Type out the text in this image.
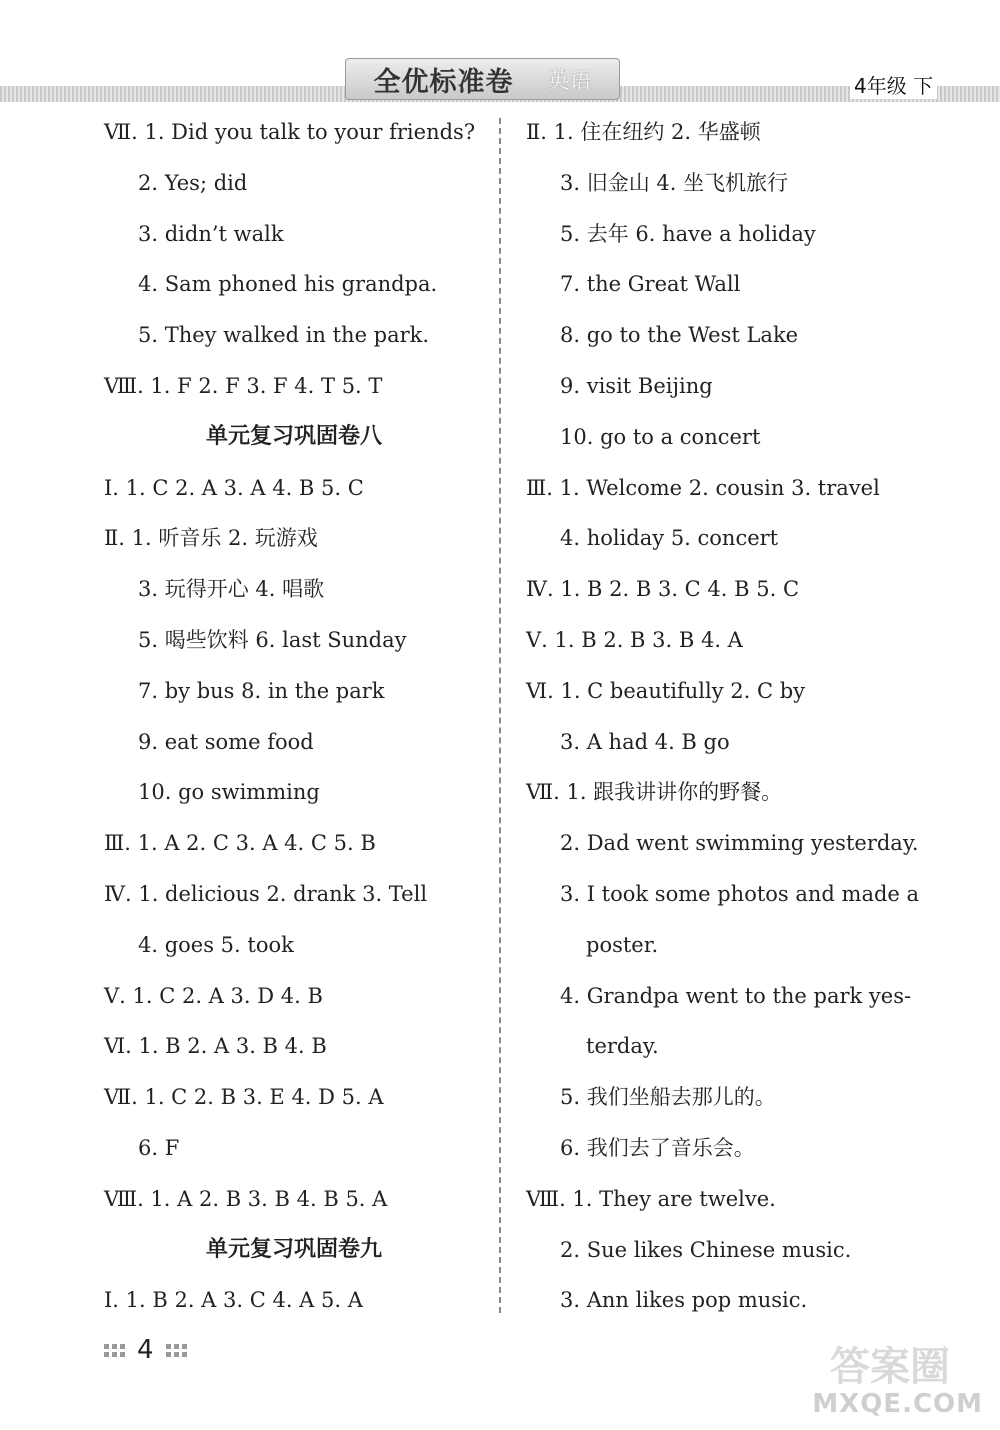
全优标准卷 英语	4年级 下
Ⅶ. 1. Did you talk to your friends?
2. Yes; did
3. didn’t walk
4. Sam phoned his grandpa.
5. They walked in the park.
Ⅷ. 1. F 2. F 3. F 4. T 5. T
单元复习巩固卷八
Ⅰ. 1. C 2. A 3. A 4. B 5. C
Ⅱ. 1. 听音乐 2. 玩游戏
3. 玩得开心 4. 唱歌
5. 喝些饮料 6. last Sunday
7. by bus 8. in the park
9. eat some food
10. go swimming
Ⅲ. 1. A 2. C 3. A 4. C 5. B
Ⅳ. 1. delicious 2. drank 3. Tell
4. goes 5. took
Ⅴ. 1. C 2. A 3. D 4. B
Ⅵ. 1. B 2. A 3. B 4. B
Ⅶ. 1. C 2. B 3. E 4. D 5. A
6. F
Ⅷ. 1. A 2. B 3. B 4. B 5. A
单元复习巩固卷九
Ⅰ. 1. B 2. A 3. C 4. A 5. A
Ⅱ. 1. 住在纽约 2. 华盛顿
3. 旧金山 4. 坐飞机旅行
5. 去年 6. have a holiday
7. the Great Wall
8. go to the West Lake
9. visit Beijing
10. go to a concert
Ⅲ. 1. Welcome 2. cousin 3. travel
4. holiday 5. concert
Ⅳ. 1. B 2. B 3. C 4. B 5. C
Ⅴ. 1. B 2. B 3. B 4. A
Ⅵ. 1. C beautifully 2. C by
3. A had 4. B go
Ⅶ. 1. 跟我讲讲你的野餐。
2. Dad went swimming yesterday.
3. I took some photos and made a
poster.
4. Grandpa went to the park yes-
terday.
5. 我们坐船去那儿的。
6. 我们去了音乐会。
Ⅷ. 1. They are twelve.
2. Sue likes Chinese music.
3. Ann likes pop music.
4	答案圈
MXQE.COM
